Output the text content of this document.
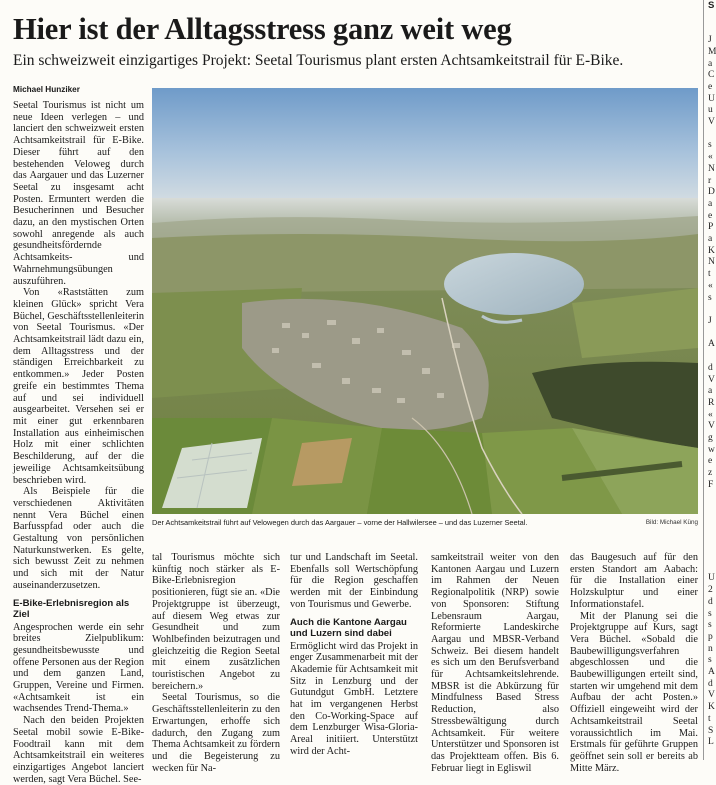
Hier ist der Alltagsstress ganz weit weg
Ein schweizweit einzigartiges Projekt: Seetal Tourismus plant ersten Achtsamkeitstrail für E-Bike.
Michael Hunziker

Seetal Tourismus ist nicht um neue Ideen verlegen – und lanciert den schweizweit ersten Achtsamkeitstrail für E-Bike. Dieser führt auf den bestehenden Veloweg durch das Aargauer und das Luzerner Seetal zu insgesamt acht Posten. Ermuntert werden die Besucherinnen und Besucher dazu, an den mystischen Orten sowohl anregende als auch gesundheitsfördernde Achtsamkeits- und Wahrnehmungsübungen auszuführen.

Von «Raststätten zum kleinen Glück» spricht Vera Büchel, Geschäftsstellenleiterin von Seetal Tourismus. «Der Achtsamkeitstrail lädt dazu ein, dem Alltagsstress und der ständigen Erreichbarkeit zu entkommen.» Jeder Posten greife ein bestimmtes Thema auf und sei individuell ausgearbeitet. Versehen sei er mit einer gut erkennbaren Installation aus einheimischen Holz mit einer schlichten Beschilderung, auf der die jeweilige Achtsamkeitsübung beschrieben wird.

Als Beispiele für die verschiedenen Aktivitäten nennt Vera Büchel einen Barfusspfad oder auch die Gestaltung von persönlichen Naturkunstwerken. Es gelte, sich bewusst Zeit zu nehmen und sich mit der Natur auseinanderzusetzen.

E-Bike-Erlebnisregion als Ziel

Angesprochen werde ein sehr breites Zielpublikum: gesundheitsbewusste und offene Personen aus der Region und dem ganzen Land, Gruppen, Vereine und Firmen. «Achtsamkeit ist ein wachsendes Trend-Thema.»

Nach den beiden Projekten Seetal mobil sowie E-Bike-Foodtrail kann mit dem Achtsamkeitstrail ein weiteres einzigartiges Angebot lanciert werden, sagt Vera Büchel. See-

Der Achtsamkeitstrail führt auf Velowegen durch das Aargauer – vorne der Hallwilersee – und das Luzerner Seetal.	Bild: Michael Küng

tal Tourismus möchte sich künftig noch stärker als E-Bike-Erlebnisregion positionieren, fügt sie an. «Die Projektgruppe ist überzeugt, auf diesem Weg etwas zur Gesundheit und zum Wohlbefinden beizutragen und gleichzeitig die Region Seetal mit einem zusätzlichen touristischen Angebot zu bereichern.»

Seetal Tourismus, so die Geschäftsstellenleiterin zu den Erwartungen, erhoffe sich dadurch, den Zugang zum Thema Achtsamkeit zu fördern und die Begeisterung zu wecken für Na-

tur und Landschaft im Seetal. Ebenfalls soll Wertschöpfung für die Region geschaffen werden mit der Einbindung von Tourismus und Gewerbe.

Auch die Kantone Aargau und Luzern sind dabei

Ermöglicht wird das Projekt in enger Zusammenarbeit mit der Akademie für Achtsamkeit mit Sitz in Lenzburg und der Gutundgut GmbH. Letztere hat im vergangenen Herbst den Co-Working-Space auf dem Lenzburger Wisa-Gloria-Areal initiiert. Unterstützt wird der Acht-

samkeitstrail weiter von den Kantonen Aargau und Luzern im Rahmen der Neuen Regionalpolitik (NRP) sowie von Sponsoren: Stiftung Lebensraum Aargau, Reformierte Landeskirche Aargau und MBSR-Verband Schweiz. Bei diesem handelt es sich um den Berufsverband für Achtsamkeitslehrende. MBSR ist die Abkürzung für Mindfulness Based Stress Reduction, also Stressbewältigung durch Achtsamkeit. Für weitere Unterstützer und Sponsoren ist das Projektteam offen. Bis 6. Februar liegt in Egliswil

das Baugesuch auf für den ersten Standort am Aabach: für die Installation einer Holzskulptur und einer Informationstafel.

Mit der Planung sei die Projektgruppe auf Kurs, sagt Vera Büchel. «Sobald die Baubewilligungsverfahren abgeschlossen und die Baubewilligungen erteilt sind, starten wir umgehend mit dem Aufbau der acht Posten.» Offiziell eingeweiht wird der Achtsamkeitstrail Seetal voraussichtlich im Mai. Erstmals für geführte Gruppen geöffnet sein soll er bereits ab Mitte März.

S

J
M
a
C
e
U
u
V

s
«
N
r
D
a
e
P
a
K
N
t
«
s

J

A

d
V
a
R
«
V
g
w
e
z
F

U
2
d
s
s
p
n
s
A
d
V
K
t
S
L
